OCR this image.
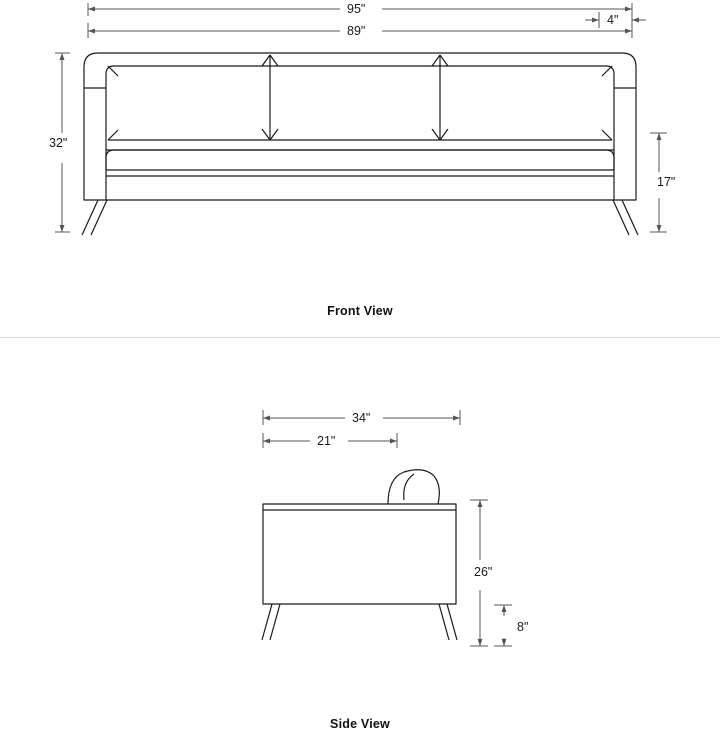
95"
4"
89"
32"
17"
Front View
34"
21"
26"
8"
Side View
